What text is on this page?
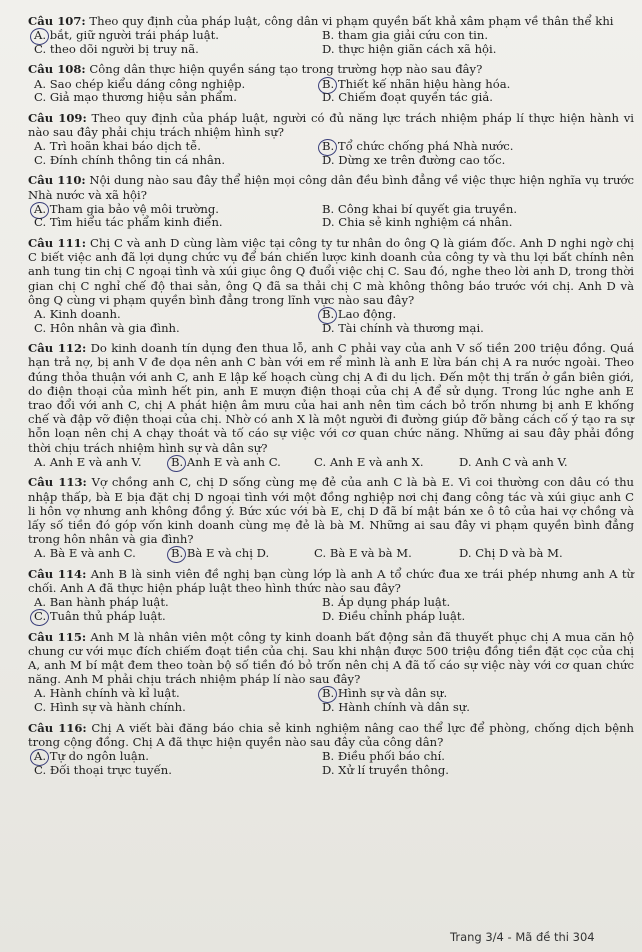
Câu 107: Theo quy định của pháp luật, công dân vi phạm quyền bất khả xâm phạm về thân thể khi

A. bắt, giữ người trái pháp luật.	B. tham gia giải cứu con tin.
C. theo dõi người bị truy nã.	D. thực hiện giãn cách xã hội.

Câu 108: Công dân thực hiện quyền sáng tạo trong trường hợp nào sau đây?

A. Sao chép kiểu dáng công nghiệp.	B. Thiết kế nhãn hiệu hàng hóa.
C. Giả mạo thương hiệu sản phẩm.	D. Chiếm đoạt quyền tác giả.

Câu 109: Theo quy định của pháp luật, người có đủ năng lực trách nhiệm pháp lí thực hiện hành vi nào sau đây phải chịu trách nhiệm hình sự?

A. Trì hoãn khai báo dịch tễ.	B. Tổ chức chống phá Nhà nước.
C. Đính chính thông tin cá nhân.	D. Dừng xe trên đường cao tốc.

Câu 110: Nội dung nào sau đây thể hiện mọi công dân đều bình đẳng về việc thực hiện nghĩa vụ trước Nhà nước và xã hội?

A. Tham gia bảo vệ môi trường.	B. Công khai bí quyết gia truyền.
C. Tìm hiểu tác phẩm kinh điển.	D. Chia sẻ kinh nghiệm cá nhân.

Câu 111: Chị C và anh D cùng làm việc tại công ty tư nhân do ông Q là giám đốc. Anh D nghi ngờ chị C biết việc anh đã lợi dụng chức vụ để bán chiến lược kinh doanh của công ty và thu lợi bất chính nên anh tung tin chị C ngoại tình và xúi giục ông Q đuổi việc chị C. Sau đó, nghe theo lời anh D, trong thời gian chị C nghỉ chế độ thai sản, ông Q đã sa thải chị C mà không thông báo trước với chị. Anh D và ông Q cùng vi phạm quyền bình đẳng trong lĩnh vực nào sau đây?

A. Kinh doanh.	B. Lao động.
C. Hôn nhân và gia đình.	D. Tài chính và thương mại.

Câu 112: Do kinh doanh tín dụng đen thua lỗ, anh C phải vay của anh V số tiền 200 triệu đồng. Quá hạn trả nợ, bị anh V đe dọa nên anh C bàn với em rể mình là anh E lừa bán chị A ra nước ngoài. Theo đúng thỏa thuận với anh C, anh E lập kế hoạch cùng chị A đi du lịch. Đến một thị trấn ở gần biên giới, do điện thoại của mình hết pin, anh E mượn điện thoại của chị A để sử dụng. Trong lúc nghe anh E trao đổi với anh C, chị A phát hiện âm mưu của hai anh nên tìm cách bỏ trốn nhưng bị anh E khống chế và đập vỡ điện thoại của chị. Nhờ có anh X là một người đi đường giúp đỡ bằng cách cố ý tạo ra sự hỗn loạn nên chị A chạy thoát và tố cáo sự việc với cơ quan chức năng. Những ai sau đây phải đồng thời chịu trách nhiệm hình sự và dân sự?

A. Anh E và anh V.	B. Anh E và anh C.	C. Anh E và anh X.	D. Anh C và anh V.

Câu 113: Vợ chồng anh C, chị D sống cùng mẹ đẻ của anh C là bà E. Vì coi thường con dâu có thu nhập thấp, bà E bịa đặt chị D ngoại tình với một đồng nghiệp nơi chị đang công tác và xúi giục anh C li hôn vợ nhưng anh không đồng ý. Bức xúc với bà E, chị D đã bí mật bán xe ô tô của hai vợ chồng và lấy số tiền đó góp vốn kinh doanh cùng mẹ đẻ là bà M. Những ai sau đây vi phạm quyền bình đẳng trong hôn nhân và gia đình?

A. Bà E và anh C.	B. Bà E và chị D.	C. Bà E và bà M.	D. Chị D và bà M.

Câu 114: Anh B là sinh viên đề nghị bạn cùng lớp là anh A tổ chức đua xe trái phép nhưng anh A từ chối. Anh A đã thực hiện pháp luật theo hình thức nào sau đây?

A. Ban hành pháp luật.	B. Áp dụng pháp luật.
C. Tuân thủ pháp luật.	D. Điều chỉnh pháp luật.

Câu 115: Anh M là nhân viên một công ty kinh doanh bất động sản đã thuyết phục chị A mua căn hộ chung cư với mục đích chiếm đoạt tiền của chị. Sau khi nhận được 500 triệu đồng tiền đặt cọc của chị A, anh M bí mật đem theo toàn bộ số tiền đó bỏ trốn nên chị A đã tố cáo sự việc này với cơ quan chức năng. Anh M phải chịu trách nhiệm pháp lí nào sau đây?

A. Hành chính và kỉ luật.	B. Hình sự và dân sự.
C. Hình sự và hành chính.	D. Hành chính và dân sự.

Câu 116: Chị A viết bài đăng báo chia sẻ kinh nghiệm nâng cao thể lực để phòng, chống dịch bệnh trong cộng đồng. Chị A đã thực hiện quyền nào sau đây của công dân?

A. Tự do ngôn luận.	B. Điều phối báo chí.
C. Đối thoại trực tuyến.	D. Xử lí truyền thông.
Trang 3/4 - Mã đề thi 304
